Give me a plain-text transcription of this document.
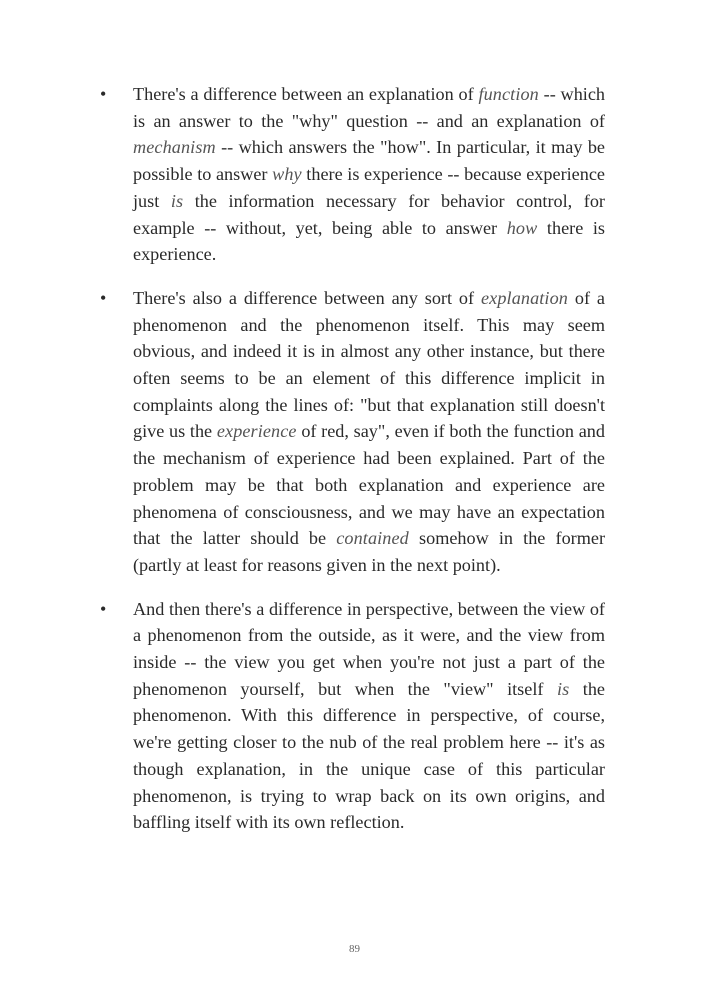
•	There's a difference between an explanation of function -- which is an answer to the "why" question -- and an explanation of mechanism -- which answers the "how". In particular, it may be possible to answer why there is experience -- because experience just is the information necessary for behavior control, for example -- without, yet, being able to answer how there is experience.
•	There's also a difference between any sort of explanation of a phenomenon and the phenomenon itself. This may seem obvious, and indeed it is in almost any other instance, but there often seems to be an element of this difference implicit in complaints along the lines of: "but that explanation still doesn't give us the experience of red, say", even if both the function and the mechanism of experience had been explained. Part of the problem may be that both explanation and experience are phenomena of consciousness, and we may have an expectation that the latter should be contained somehow in the former (partly at least for reasons given in the next point).
•	And then there's a difference in perspective, between the view of a phenomenon from the outside, as it were, and the view from inside -- the view you get when you're not just a part of the phenomenon yourself, but when the "view" itself is the phenomenon. With this difference in perspective, of course, we're getting closer to the nub of the real problem here -- it's as though explanation, in the unique case of this particular phenomenon, is trying to wrap back on its own origins, and baffling itself with its own reflection.
89
